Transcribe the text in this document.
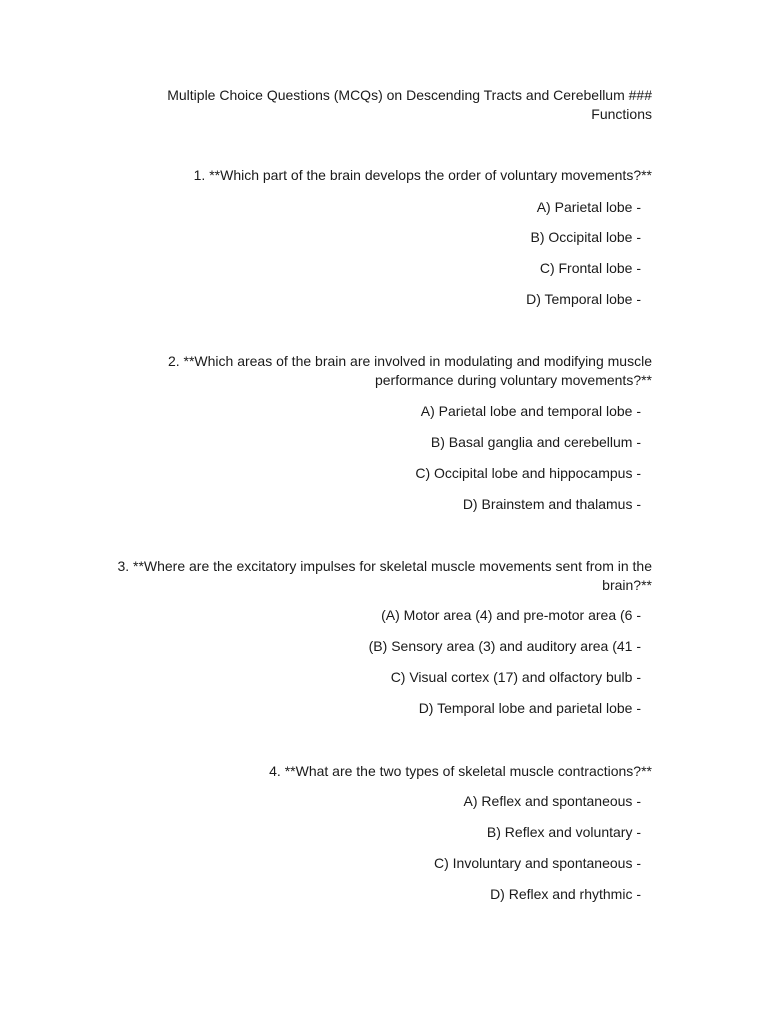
Multiple Choice Questions (MCQs) on Descending Tracts and Cerebellum ### Functions
1. **Which part of the brain develops the order of voluntary movements?**
A) Parietal lobe -
B) Occipital lobe -
C) Frontal lobe -
D) Temporal lobe -
2. **Which areas of the brain are involved in modulating and modifying muscle performance during voluntary movements?**
A) Parietal lobe and temporal lobe -
B) Basal ganglia and cerebellum -
C) Occipital lobe and hippocampus -
D) Brainstem and thalamus -
3. **Where are the excitatory impulses for skeletal muscle movements sent from in the brain?**
(A) Motor area (4) and pre-motor area (6 -
(B) Sensory area (3) and auditory area (41 -
C) Visual cortex (17) and olfactory bulb -
D) Temporal lobe and parietal lobe -
4. **What are the two types of skeletal muscle contractions?**
A) Reflex and spontaneous -
B) Reflex and voluntary -
C) Involuntary and spontaneous -
D) Reflex and rhythmic -
